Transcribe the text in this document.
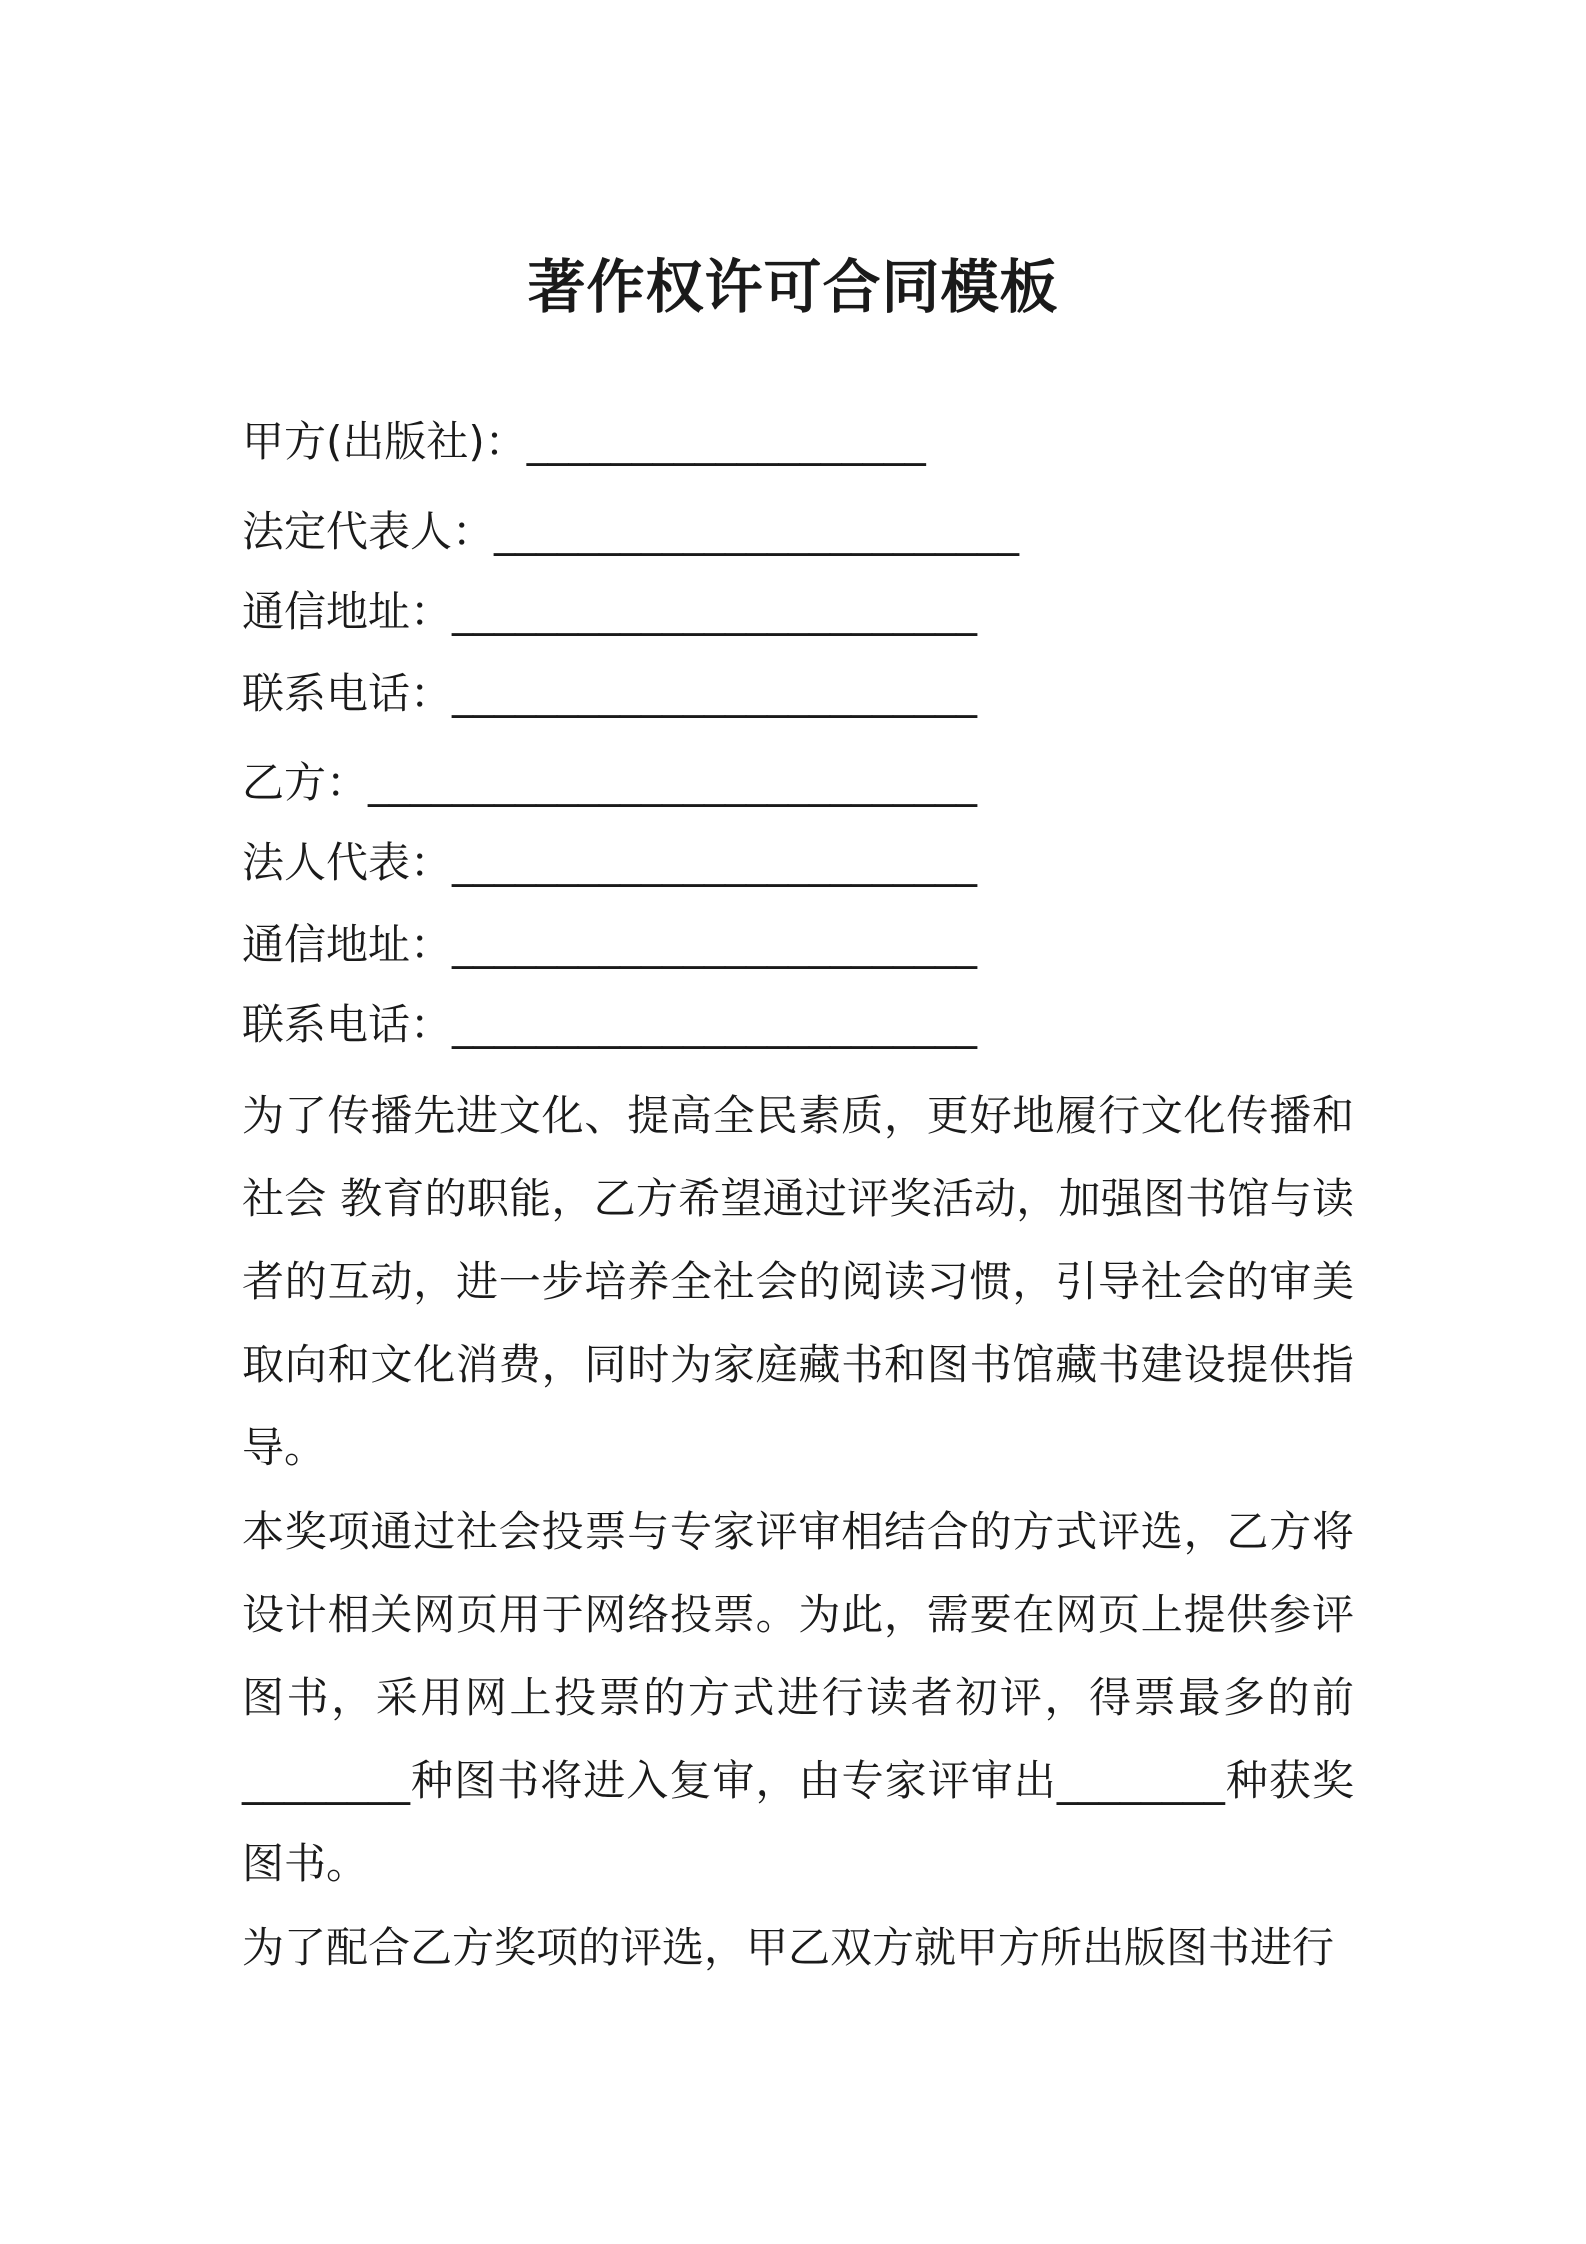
著作权许可合同模板
甲方(出版社)：___________________
法定代表人：_________________________
通信地址：_________________________
联系电话：_________________________
乙方：_____________________________
法人代表：_________________________
通信地址：_________________________
联系电话：_________________________

为了传播先进文化、提高全民素质，更好地履行文化传播和社会 教育的职能，乙方希望通过评奖活动，加强图书馆与读者的互动，进一步培养全社会的阅读习惯，引导社会的审美取向和文化消费，同时为家庭藏书和图书馆藏书建设提供指导。

本奖项通过社会投票与专家评审相结合的方式评选，乙方将设计相关网页用于网络投票。为此，需要在网页上提供参评图书，采用网上投票的方式进行读者初评，得票最多的前________种图书将进入复审，由专家评审出________种获奖图书。

为了配合乙方奖项的评选，甲乙双方就甲方所出版图书进行
